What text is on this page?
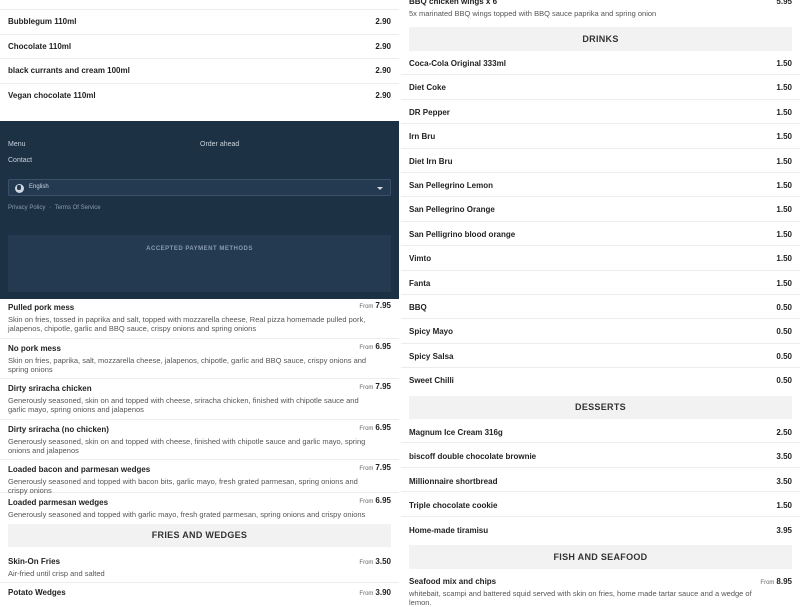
Bubblegum 110ml	2.90
Chocolate 110ml	2.90
black currants and cream 100ml	2.90
Vegan chocolate 110ml	2.90
Menu	Order ahead
Contact
English
Privacy Policy · Terms Of Service
ACCEPTED PAYMENT METHODS
Pulled pork mess	From 7.95
Skin on fries, tossed in paprika and salt, topped with mozzarella cheese, Real pizza homemade pulled pork, jalapenos, chipotle, garlic and BBQ sauce, crispy onions and spring onions
No pork mess	From 6.95
Skin on fries, paprika, salt, mozzarella cheese, jalapenos, chipotle, garlic and BBQ sauce, crispy onions and spring onions
Dirty sriracha chicken	From 7.95
Generously seasoned, skin on and topped with cheese, sriracha chicken, finished with chipotle sauce and garlic mayo, spring onions and jalapenos
Dirty sriracha (no chicken)	From 6.95
Generously seasoned, skin on and topped with cheese, finished with chipotle sauce and garlic mayo, spring onions and jalapenos
Loaded bacon and parmesan wedges	From 7.95
Generously seasoned and topped with bacon bits, garlic mayo, fresh grated parmesan, spring onions and crispy onions
Loaded parmesan wedges	From 6.95
Generously seasoned and topped with garlic mayo, fresh grated parmesan, spring onions and crispy onions
FRIES AND WEDGES
Skin-On Fries	From 3.50
Air-fried until crisp and salted
Potato Wedges	From 3.90
BBQ chicken wings x 6	5.95
5x marinated BBQ wings topped with BBQ sauce paprika and spring onion
DRINKS
Coca-Cola Original 333ml	1.50
Diet Coke	1.50
DR Pepper	1.50
Irn Bru	1.50
Diet Irn Bru	1.50
San Pellegrino Lemon	1.50
San Pellegrino Orange	1.50
San Pelligrino blood orange	1.50
Vimto	1.50
Fanta	1.50
BBQ	0.50
Spicy Mayo	0.50
Spicy Salsa	0.50
Sweet Chilli	0.50
DESSERTS
Magnum Ice Cream 316g	2.50
biscoff double chocolate brownie	3.50
Millionnaire shortbread	3.50
Triple chocolate cookie	1.50
Home-made tiramisu	3.95
FISH AND SEAFOOD
Seafood mix and chips	From 8.95
whitebait, scampi and battered squid served with skin on fries, home made tartar sauce and a wedge of lemon.
